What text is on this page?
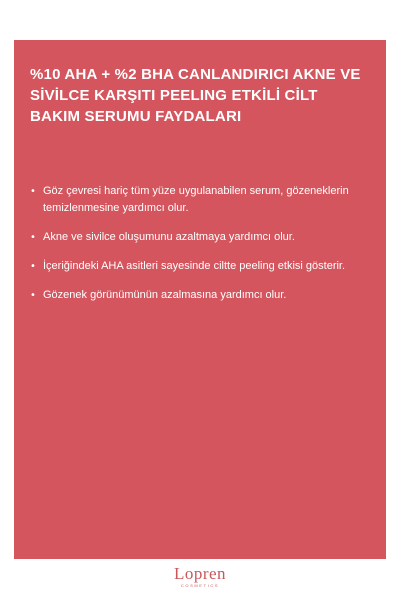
%10 AHA + %2 BHA CANLANDIRICI AKNE VE SİVİLCE KARŞITI PEELING ETKİLİ CİLT BAKIM SERUMU FAYDALARI
• Göz çevresi hariç tüm yüze uygulanabilen serum, gözeneklerin temizlenmesine yardımcı olur.
• Akne ve sivilce oluşumunu azaltmaya yardımcı olur.
• İçeriğindeki AHA asitleri sayesinde ciltte peeling etkisi gösterir.
• Gözenek görünümünün azalmasına yardımcı olur.
Lopren
COSMETICS
